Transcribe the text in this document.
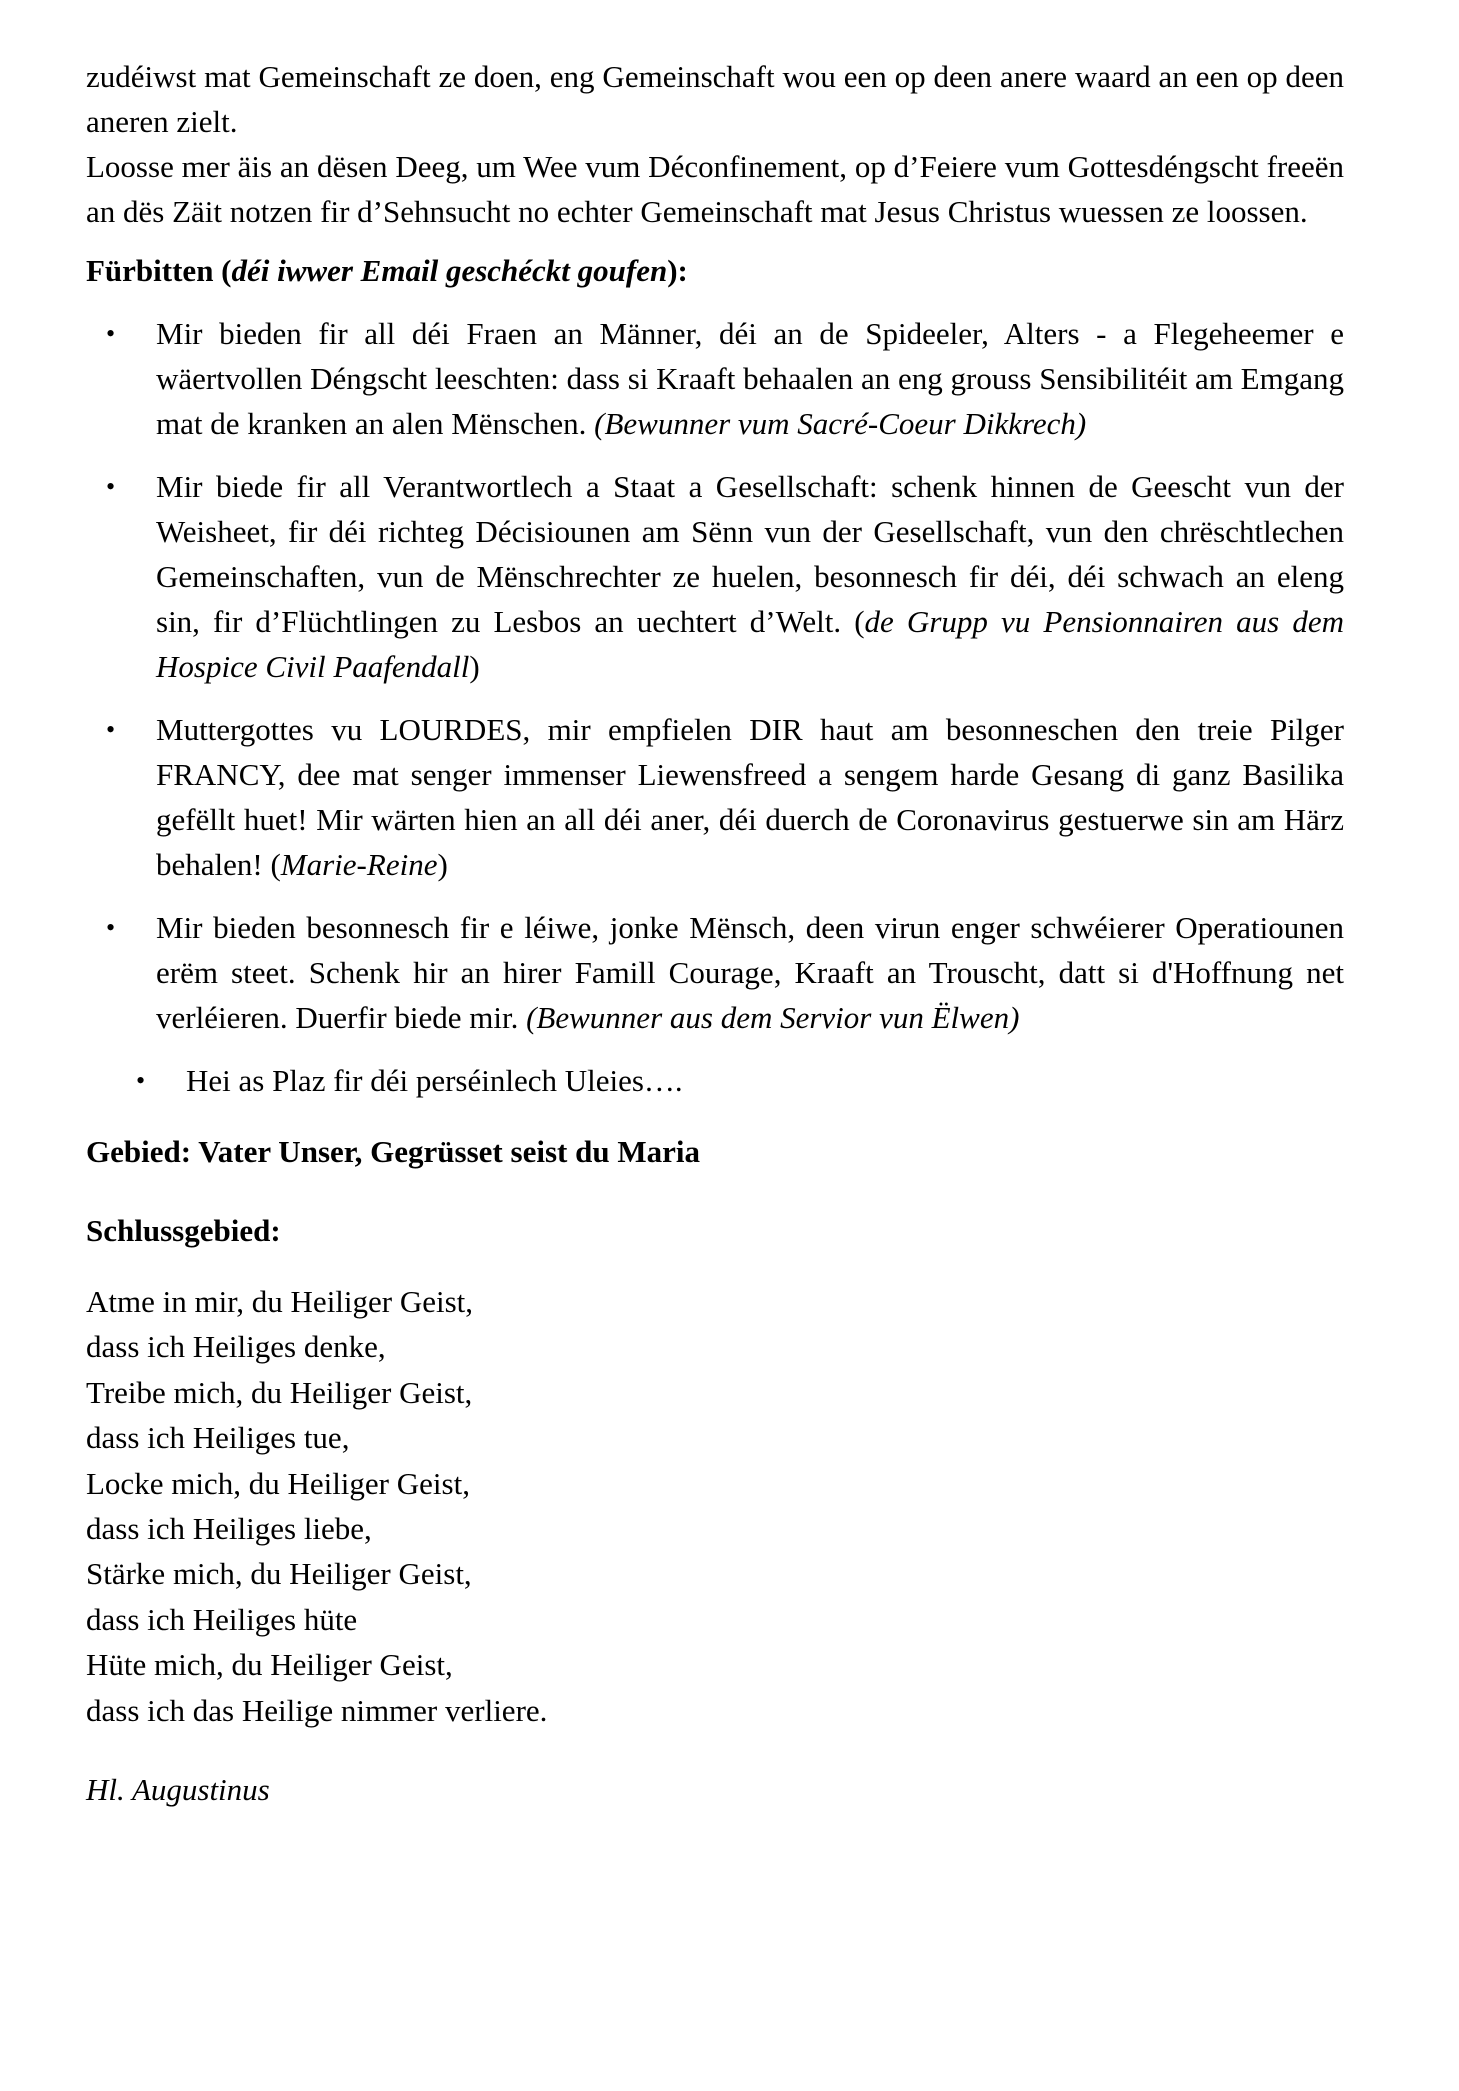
zudéiwst mat Gemeinschaft ze doen, eng Gemeinschaft wou een op deen anere waard an een op deen aneren zielt.

Loosse mer äis an dësen Deeg, um Wee vum Déconfinement, op d’Feiere vum Gottesdéngscht freeën an dës Zäit notzen fir d’Sehnsucht no echter Gemeinschaft mat Jesus Christus wuessen ze loossen.

Fürbitten (déi iwwer Email geschéckt goufen):

• Mir bieden fir all déi Fraen an Männer, déi an de Spideeler, Alters - a Flegeheemer e wäertvollen Déngscht leeschten: dass si Kraaft behaalen an eng grouss Sensibilitéit am Emgang mat de kranken an alen Mënschen. (Bewunner vum Sacré-Coeur Dikkrech)
• Mir biede fir all Verantwortlech a Staat a Gesellschaft: schenk hinnen de Geescht vun der Weisheet, fir déi richteg Décisiounen am Sënn vun der Gesellschaft, vun den chrëschtlechen Gemeinschaften, vun de Mënschrechter ze huelen, besonnesch fir déi, déi schwach an eleng sin, fir d’Flüchtlingen zu Lesbos an uechtert d’Welt. (de Grupp vu Pensionnairen aus dem Hospice Civil Paafendall)
• Muttergottes vu LOURDES, mir empfielen DIR haut am besonneschen den treie Pilger FRANCY, dee mat senger immenser Liewensfreed a sengem harde Gesang di ganz Basilika gefëllt huet! Mir wärten hien an all déi aner, déi duerch de Coronavirus gestuerwe sin am Härz behalen! (Marie-Reine)
• Mir bieden besonnesch fir e léiwe, jonke Mënsch, deen virun enger schwéierer Operatiounen erëm steet. Schenk hir an hirer Famill Courage, Kraaft an Trouscht, datt si d'Hoffnung net verléieren. Duerfir biede mir. (Bewunner aus dem Servior vun Ëlwen)

• Hei as Plaz fir déi perséinlech Uleies….

Gebied: Vater Unser, Gegrüsset seist du Maria

Schlussgebied:

Atme in mir, du Heiliger Geist,

dass ich Heiliges denke,

Treibe mich, du Heiliger Geist,

dass ich Heiliges tue,

Locke mich, du Heiliger Geist,

dass ich Heiliges liebe,

Stärke mich, du Heiliger Geist,

dass ich Heiliges hüte

Hüte mich, du Heiliger Geist,

dass ich das Heilige nimmer verliere.

Hl. Augustinus
